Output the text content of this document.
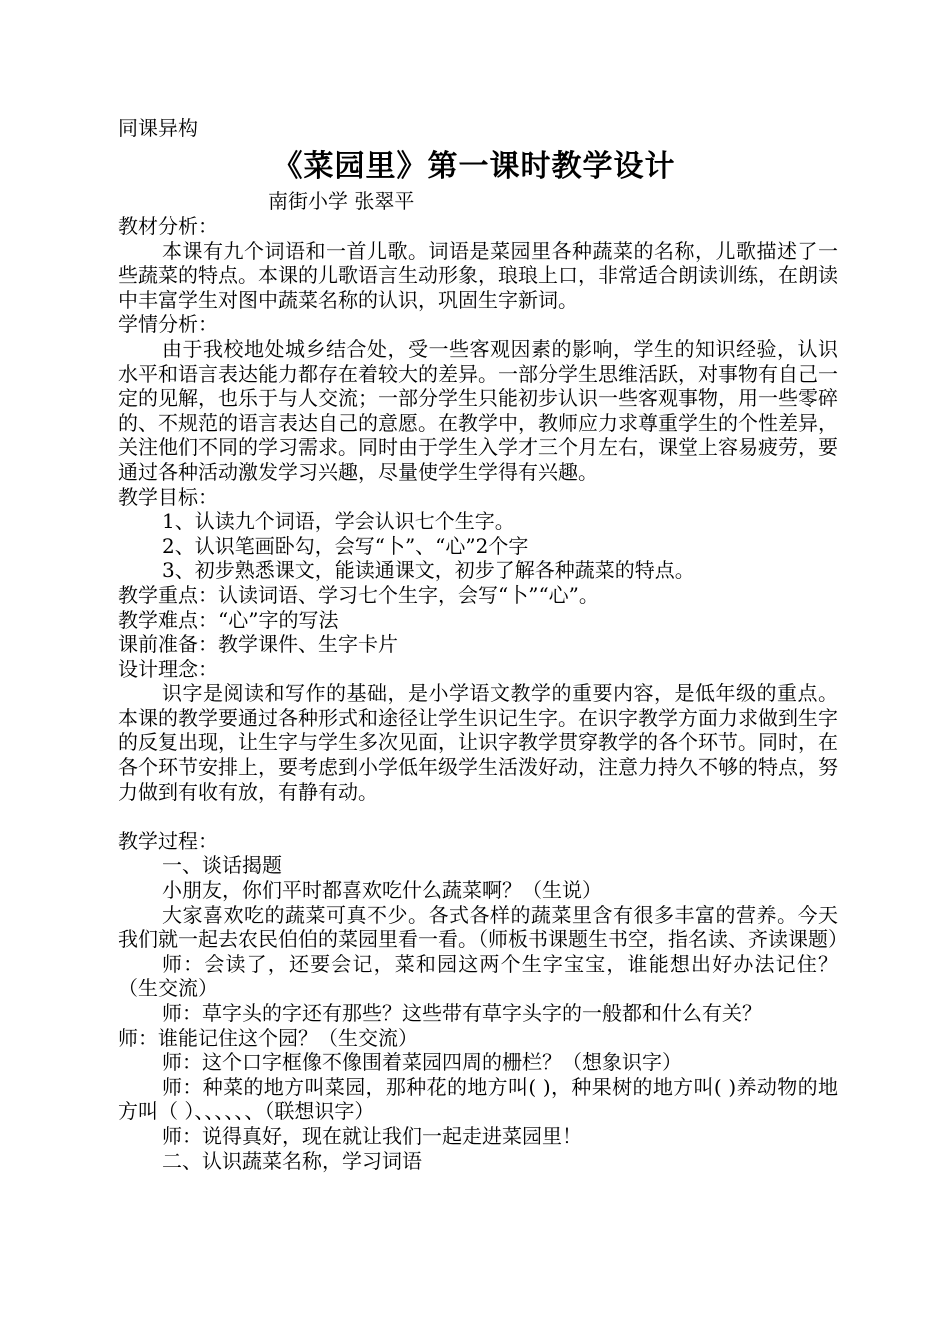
同课异构
《菜园里》第一课时教学设计
南街小学 张翠平
教材分析：
本课有九个词语和一首儿歌。词语是菜园里各种蔬菜的名称，儿歌描述了一些蔬菜的特点。本课的儿歌语言生动形象，琅琅上口，非常适合朗读训练，在朗读中丰富学生对图中蔬菜名称的认识，巩固生字新词。
学情分析：
由于我校地处城乡结合处，受一些客观因素的影响，学生的知识经验，认识水平和语言表达能力都存在着较大的差异。一部分学生思维活跃，对事物有自己一定的见解，也乐于与人交流；一部分学生只能初步认识一些客观事物，用一些零碎的、不规范的语言表达自己的意愿。在教学中，教师应力求尊重学生的个性差异，关注他们不同的学习需求。同时由于学生入学才三个月左右，课堂上容易疲劳，要通过各种活动激发学习兴趣，尽量使学生学得有兴趣。
教学目标：
1、认读九个词语，学会认识七个生字。
2、认识笔画卧勾，会写“卜”、“心”2个字
3、初步熟悉课文，能读通课文，初步了解各种蔬菜的特点。
教学重点：认读词语、学习七个生字，会写“卜”“心”。
教学难点：“心”字的写法
课前准备：教学课件、生字卡片
设计理念：
识字是阅读和写作的基础，是小学语文教学的重要内容，是低年级的重点。本课的教学要通过各种形式和途径让学生识记生字。在识字教学方面力求做到生字的反复出现，让生字与学生多次见面，让识字教学贯穿教学的各个环节。同时，在各个环节安排上，要考虑到小学低年级学生活泼好动，注意力持久不够的特点，努力做到有收有放，有静有动。
教学过程：
一、谈话揭题
小朋友，你们平时都喜欢吃什么蔬菜啊？（生说）
大家喜欢吃的蔬菜可真不少。各式各样的蔬菜里含有很多丰富的营养。今天我们就一起去农民伯伯的菜园里看一看。（师板书课题生书空，指名读、齐读课题）
师：会读了，还要会记，菜和园这两个生字宝宝，谁能想出好办法记住？（生交流）
师：草字头的字还有那些？这些带有草字头字的一般都和什么有关？
师：谁能记住这个园？（生交流）
师：这个口字框像不像围着菜园四周的栅栏？（想象识字）
师：种菜的地方叫菜园，那种花的地方叫( )，种果树的地方叫( )养动物的地方叫（ ）、、、、、、（联想识字）
师：说得真好，现在就让我们一起走进菜园里！
二、认识蔬菜名称，学习词语
